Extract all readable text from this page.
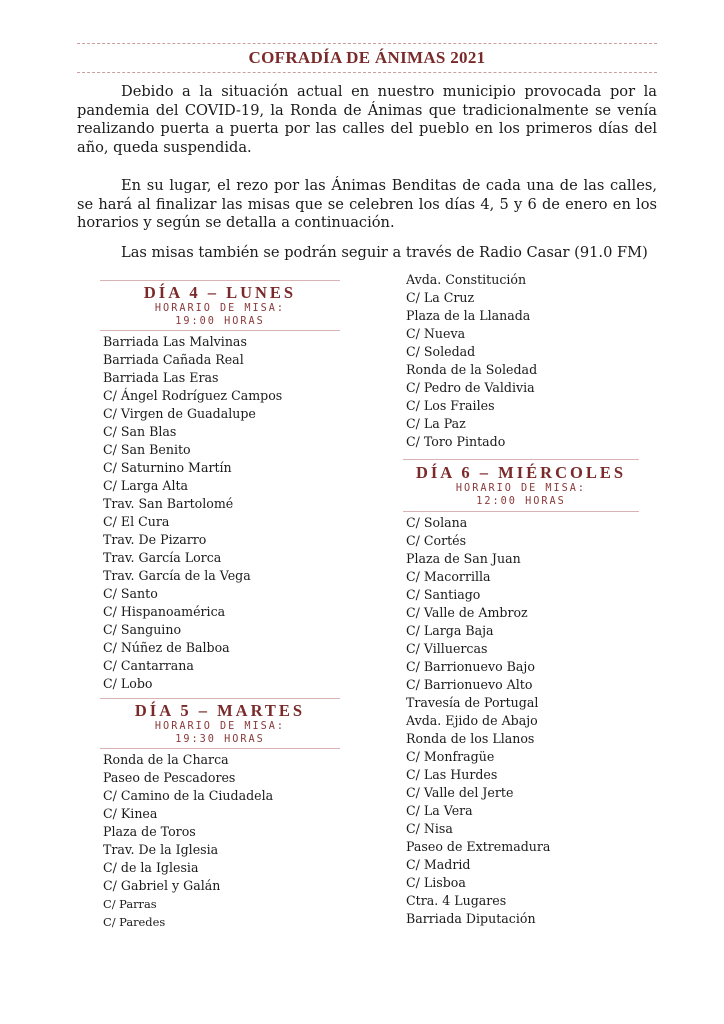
COFRADÍA DE ÁNIMAS 2021
Debido a la situación actual en nuestro municipio provocada por la pandemia del COVID-19, la Ronda de Ánimas que tradicionalmente se venía realizando puerta a puerta por las calles del pueblo en los primeros días del año, queda suspendida.
En su lugar, el rezo por las Ánimas Benditas de cada una de las calles, se hará al finalizar las misas que se celebren los días 4, 5 y 6 de enero en los horarios y según se detalla a continuación.
Las misas también se podrán seguir a través de Radio Casar (91.0 FM)
DÍA 4 – LUNES
HORARIO DE MISA:
19:00 HORAS
Barriada Las Malvinas
Barriada Cañada Real
Barriada Las Eras
C/ Ángel Rodríguez Campos
C/ Virgen de Guadalupe
C/ San Blas
C/ San Benito
C/ Saturnino Martín
C/ Larga Alta
Trav. San Bartolomé
C/ El Cura
Trav. De Pizarro
Trav. García Lorca
Trav. García de la Vega
C/ Santo
C/ Hispanoamérica
C/ Sanguino
C/ Núñez de Balboa
C/ Cantarrana
C/ Lobo
DÍA 5 – MARTES
HORARIO DE MISA:
19:30 HORAS
Ronda de la Charca
Paseo de Pescadores
C/ Camino de la Ciudadela
C/ Kinea
Plaza de Toros
Trav. De la Iglesia
C/ de la Iglesia
C/ Gabriel y Galán
C/ Parras
C/ Paredes
Avda. Constitución
C/ La Cruz
Plaza de la Llanada
C/ Nueva
C/ Soledad
Ronda de la Soledad
C/ Pedro de Valdivia
C/ Los Frailes
C/ La Paz
C/ Toro Pintado
DÍA 6 – MIÉRCOLES
HORARIO DE MISA:
12:00 HORAS
C/ Solana
C/ Cortés
Plaza de San Juan
C/ Macorrilla
C/ Santiago
C/ Valle de Ambroz
C/ Larga Baja
C/ Villuercas
C/ Barrionuevo Bajo
C/ Barrionuevo Alto
Travesía de Portugal
Avda. Ejido de Abajo
Ronda de los Llanos
C/ Monfragüe
C/ Las Hurdes
C/ Valle del Jerte
C/ La Vera
C/ Nisa
Paseo de Extremadura
C/ Madrid
C/ Lisboa
Ctra. 4 Lugares
Barriada Diputación
